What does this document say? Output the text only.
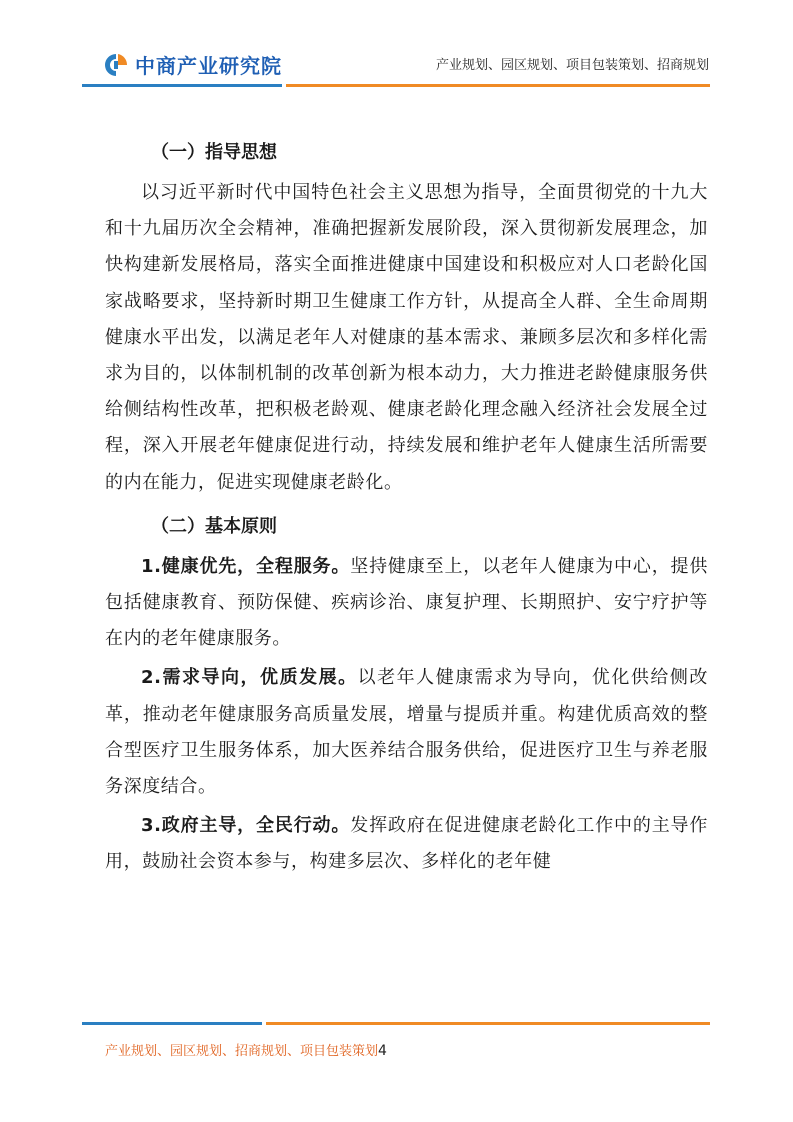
中商产业研究院	产业规划、园区规划、项目包装策划、招商规划
（一）指导思想

以习近平新时代中国特色社会主义思想为指导，全面贯彻党的十九大和十九届历次全会精神，准确把握新发展阶段，深入贯彻新发展理念，加快构建新发展格局，落实全面推进健康中国建设和积极应对人口老龄化国家战略要求，坚持新时期卫生健康工作方针，从提高全人群、全生命周期健康水平出发，以满足老年人对健康的基本需求、兼顾多层次和多样化需求为目的，以体制机制的改革创新为根本动力，大力推进老龄健康服务供给侧结构性改革，把积极老龄观、健康老龄化理念融入经济社会发展全过程，深入开展老年健康促进行动，持续发展和维护老年人健康生活所需要的内在能力，促进实现健康老龄化。

（二）基本原则

1.健康优先，全程服务。坚持健康至上，以老年人健康为中心，提供包括健康教育、预防保健、疾病诊治、康复护理、长期照护、安宁疗护等在内的老年健康服务。

2.需求导向，优质发展。以老年人健康需求为导向，优化供给侧改革，推动老年健康服务高质量发展，增量与提质并重。构建优质高效的整合型医疗卫生服务体系，加大医养结合服务供给，促进医疗卫生与养老服务深度结合。

3.政府主导，全民行动。发挥政府在促进健康老龄化工作中的主导作用，鼓励社会资本参与，构建多层次、多样化的老年健

产业规划、园区规划、招商规划、项目包装策划4
